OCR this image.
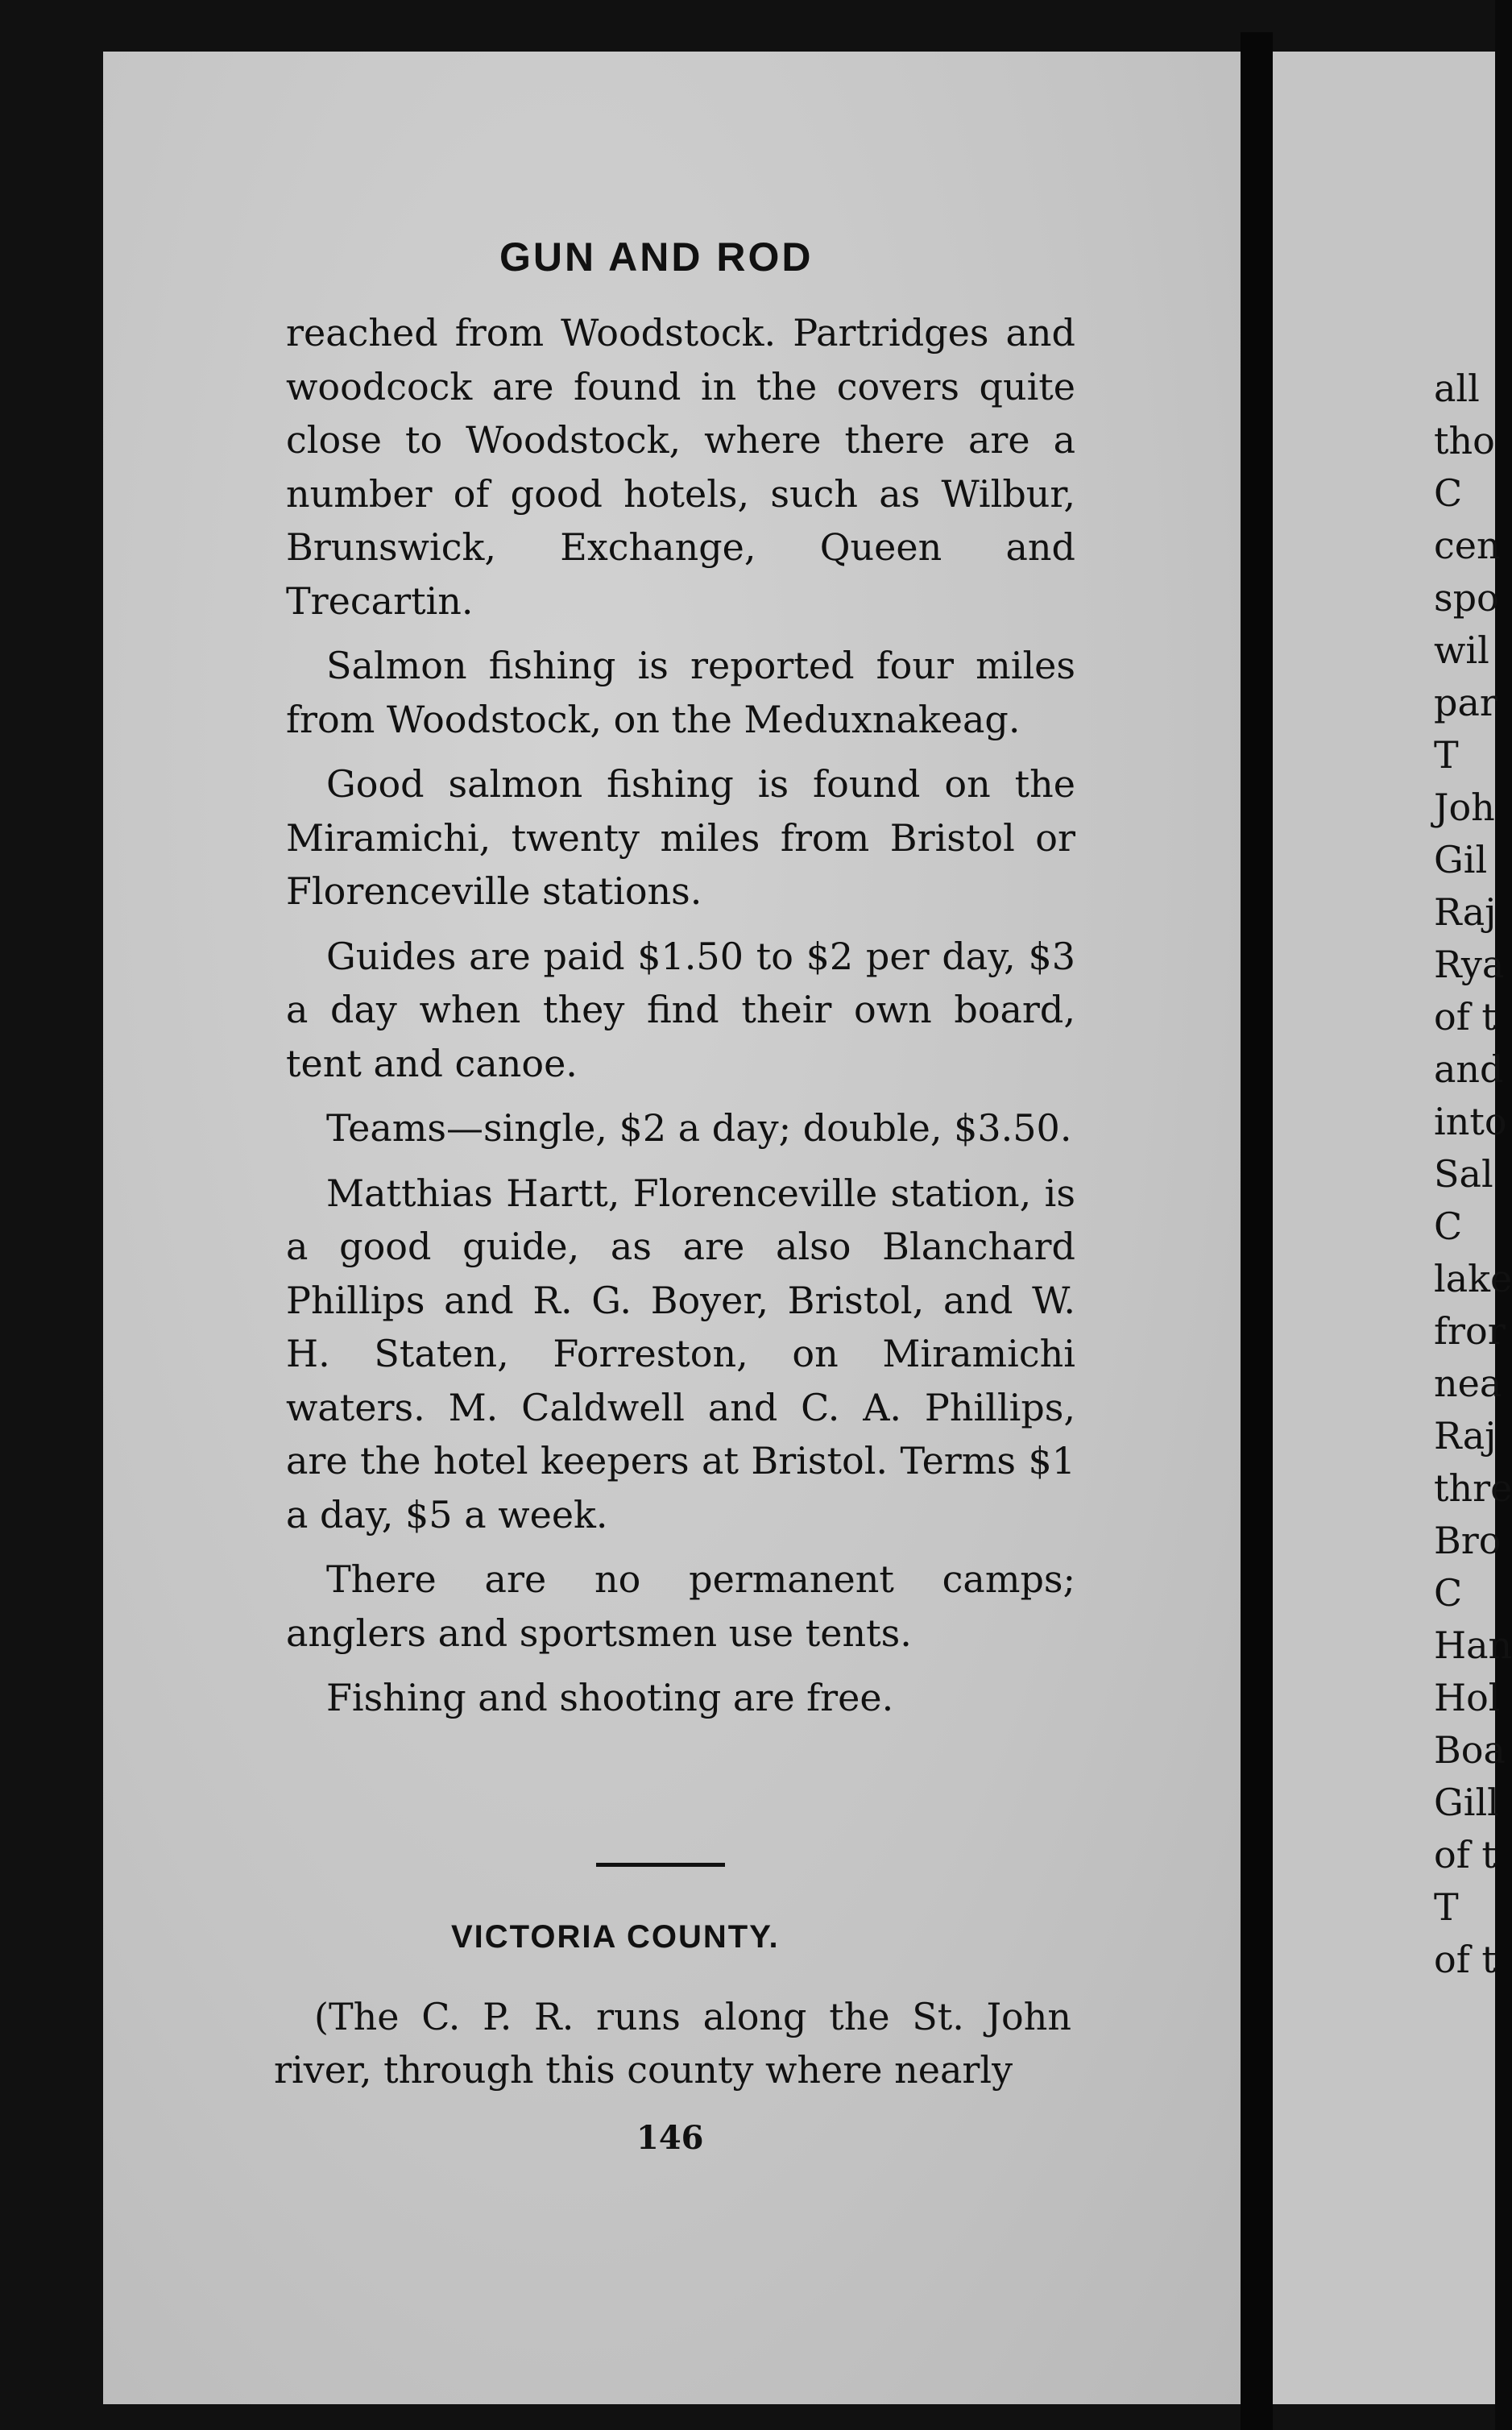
GUN AND ROD

reached from Woodstock. Partridges and woodcock are found in the covers quite close to Woodstock, where there are a number of good hotels, such as Wilbur, Brunswick, Exchange, Queen and Trecartin.

Salmon fishing is reported four miles from Woodstock, on the Meduxnakeag.

Good salmon fishing is found on the Miramichi, twenty miles from Bristol or Florenceville stations.

Guides are paid $1.50 to $2 per day, $3 a day when they find their own board, tent and canoe.

Teams—single, $2 a day; double, $3.50.

Matthias Hartt, Florenceville station, is a good guide, as are also Blanchard Phillips and R. G. Boyer, Bristol, and W. H. Staten, Forreston, on Miramichi waters. M. Caldwell and C. A. Phillips, are the hotel keepers at Bristol. Terms $1 a day, $5 a week.

There are no permanent camps; anglers and sportsmen use tents.

Fishing and shooting are free.

VICTORIA COUNTY.

(The C. P. R. runs along the St. John river, through this county where nearly

146
all
tho
C
cen
spo
wil
par
T
Joh
Gil
Raj
Rya
of t
and
into
Sal
C
lake
fror
nea
Raj
thre
Bro
C
Han
Hol
Boa
Gill
of t
T
of t
